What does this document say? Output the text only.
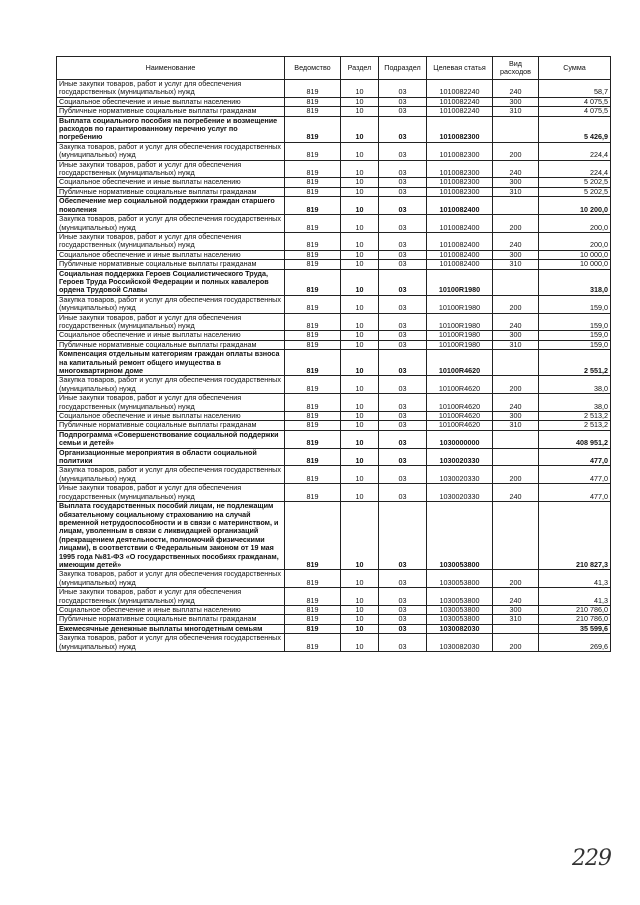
Наименование	Ведомство	Раздел	Подраздел	Целевая статья	Вид расходов	Сумма
Иные закупки товаров, работ и услуг для обеспечения государственных (муниципальных) нужд	819	10	03	1010082240	240	58,7
Социальное обеспечение и иные выплаты населению	819	10	03	1010082240	300	4 075,5
Публичные нормативные социальные выплаты гражданам	819	10	03	1010082240	310	4 075,5
Выплата социального пособия на погребение и возмещение расходов по гарантированному перечню услуг по погребению	819	10	03	1010082300		5 426,9
Закупка товаров, работ и услуг для обеспечения государственных (муниципальных) нужд	819	10	03	1010082300	200	224,4
Иные закупки товаров, работ и услуг для обеспечения государственных (муниципальных) нужд	819	10	03	1010082300	240	224,4
Социальное обеспечение и иные выплаты населению	819	10	03	1010082300	300	5 202,5
Публичные нормативные социальные выплаты гражданам	819	10	03	1010082300	310	5 202,5
Обеспечение мер социальной поддержки граждан старшего поколения	819	10	03	1010082400		10 200,0
Закупка товаров, работ и услуг для обеспечения государственных (муниципальных) нужд	819	10	03	1010082400	200	200,0
Иные закупки товаров, работ и услуг для обеспечения государственных (муниципальных) нужд	819	10	03	1010082400	240	200,0
Социальное обеспечение и иные выплаты населению	819	10	03	1010082400	300	10 000,0
Публичные нормативные социальные выплаты гражданам	819	10	03	1010082400	310	10 000,0
Социальная поддержка Героев Социалистического Труда, Героев Труда Российской Федерации и полных кавалеров ордена Трудовой Славы	819	10	03	10100R1980		318,0
Закупка товаров, работ и услуг для обеспечения государственных (муниципальных) нужд	819	10	03	10100R1980	200	159,0
Иные закупки товаров, работ и услуг для обеспечения государственных (муниципальных) нужд	819	10	03	10100R1980	240	159,0
Социальное обеспечение и иные выплаты населению	819	10	03	10100R1980	300	159,0
Публичные нормативные социальные выплаты гражданам	819	10	03	10100R1980	310	159,0
Компенсация отдельным категориям граждан оплаты взноса на капитальный ремонт общего имущества в многоквартирном доме	819	10	03	10100R4620		2 551,2
Закупка товаров, работ и услуг для обеспечения государственных (муниципальных) нужд	819	10	03	10100R4620	200	38,0
Иные закупки товаров, работ и услуг для обеспечения государственных (муниципальных) нужд	819	10	03	10100R4620	240	38,0
Социальное обеспечение и иные выплаты населению	819	10	03	10100R4620	300	2 513,2
Публичные нормативные социальные выплаты гражданам	819	10	03	10100R4620	310	2 513,2
Подпрограмма «Совершенствование социальной поддержки семьи и детей»	819	10	03	1030000000		408 951,2
Организационные мероприятия в области социальной политики	819	10	03	1030020330		477,0
Закупка товаров, работ и услуг для обеспечения государственных (муниципальных) нужд	819	10	03	1030020330	200	477,0
Иные закупки товаров, работ и услуг для обеспечения государственных (муниципальных) нужд	819	10	03	1030020330	240	477,0
Выплата государственных пособий лицам, не подлежащим обязательному социальному страхованию на случай временной нетрудоспособности и в связи с материнством, и лицам, уволенным в связи с ликвидацией организаций (прекращением деятельности, полномочий физическими лицами), в соответствии с Федеральным законом от 19 мая 1995 года №81-ФЗ «О государственных пособиях гражданам, имеющим детей»	819	10	03	1030053800		210 827,3
Закупка товаров, работ и услуг для обеспечения государственных (муниципальных) нужд	819	10	03	1030053800	200	41,3
Иные закупки товаров, работ и услуг для обеспечения государственных (муниципальных) нужд	819	10	03	1030053800	240	41,3
Социальное обеспечение и иные выплаты населению	819	10	03	1030053800	300	210 786,0
Публичные нормативные социальные выплаты гражданам	819	10	03	1030053800	310	210 786,0
Ежемесячные денежные выплаты многодетным семьям	819	10	03	1030082030		35 599,6
Закупка товаров, работ и услуг для обеспечения государственных (муниципальных) нужд	819	10	03	1030082030	200	269,6
229
